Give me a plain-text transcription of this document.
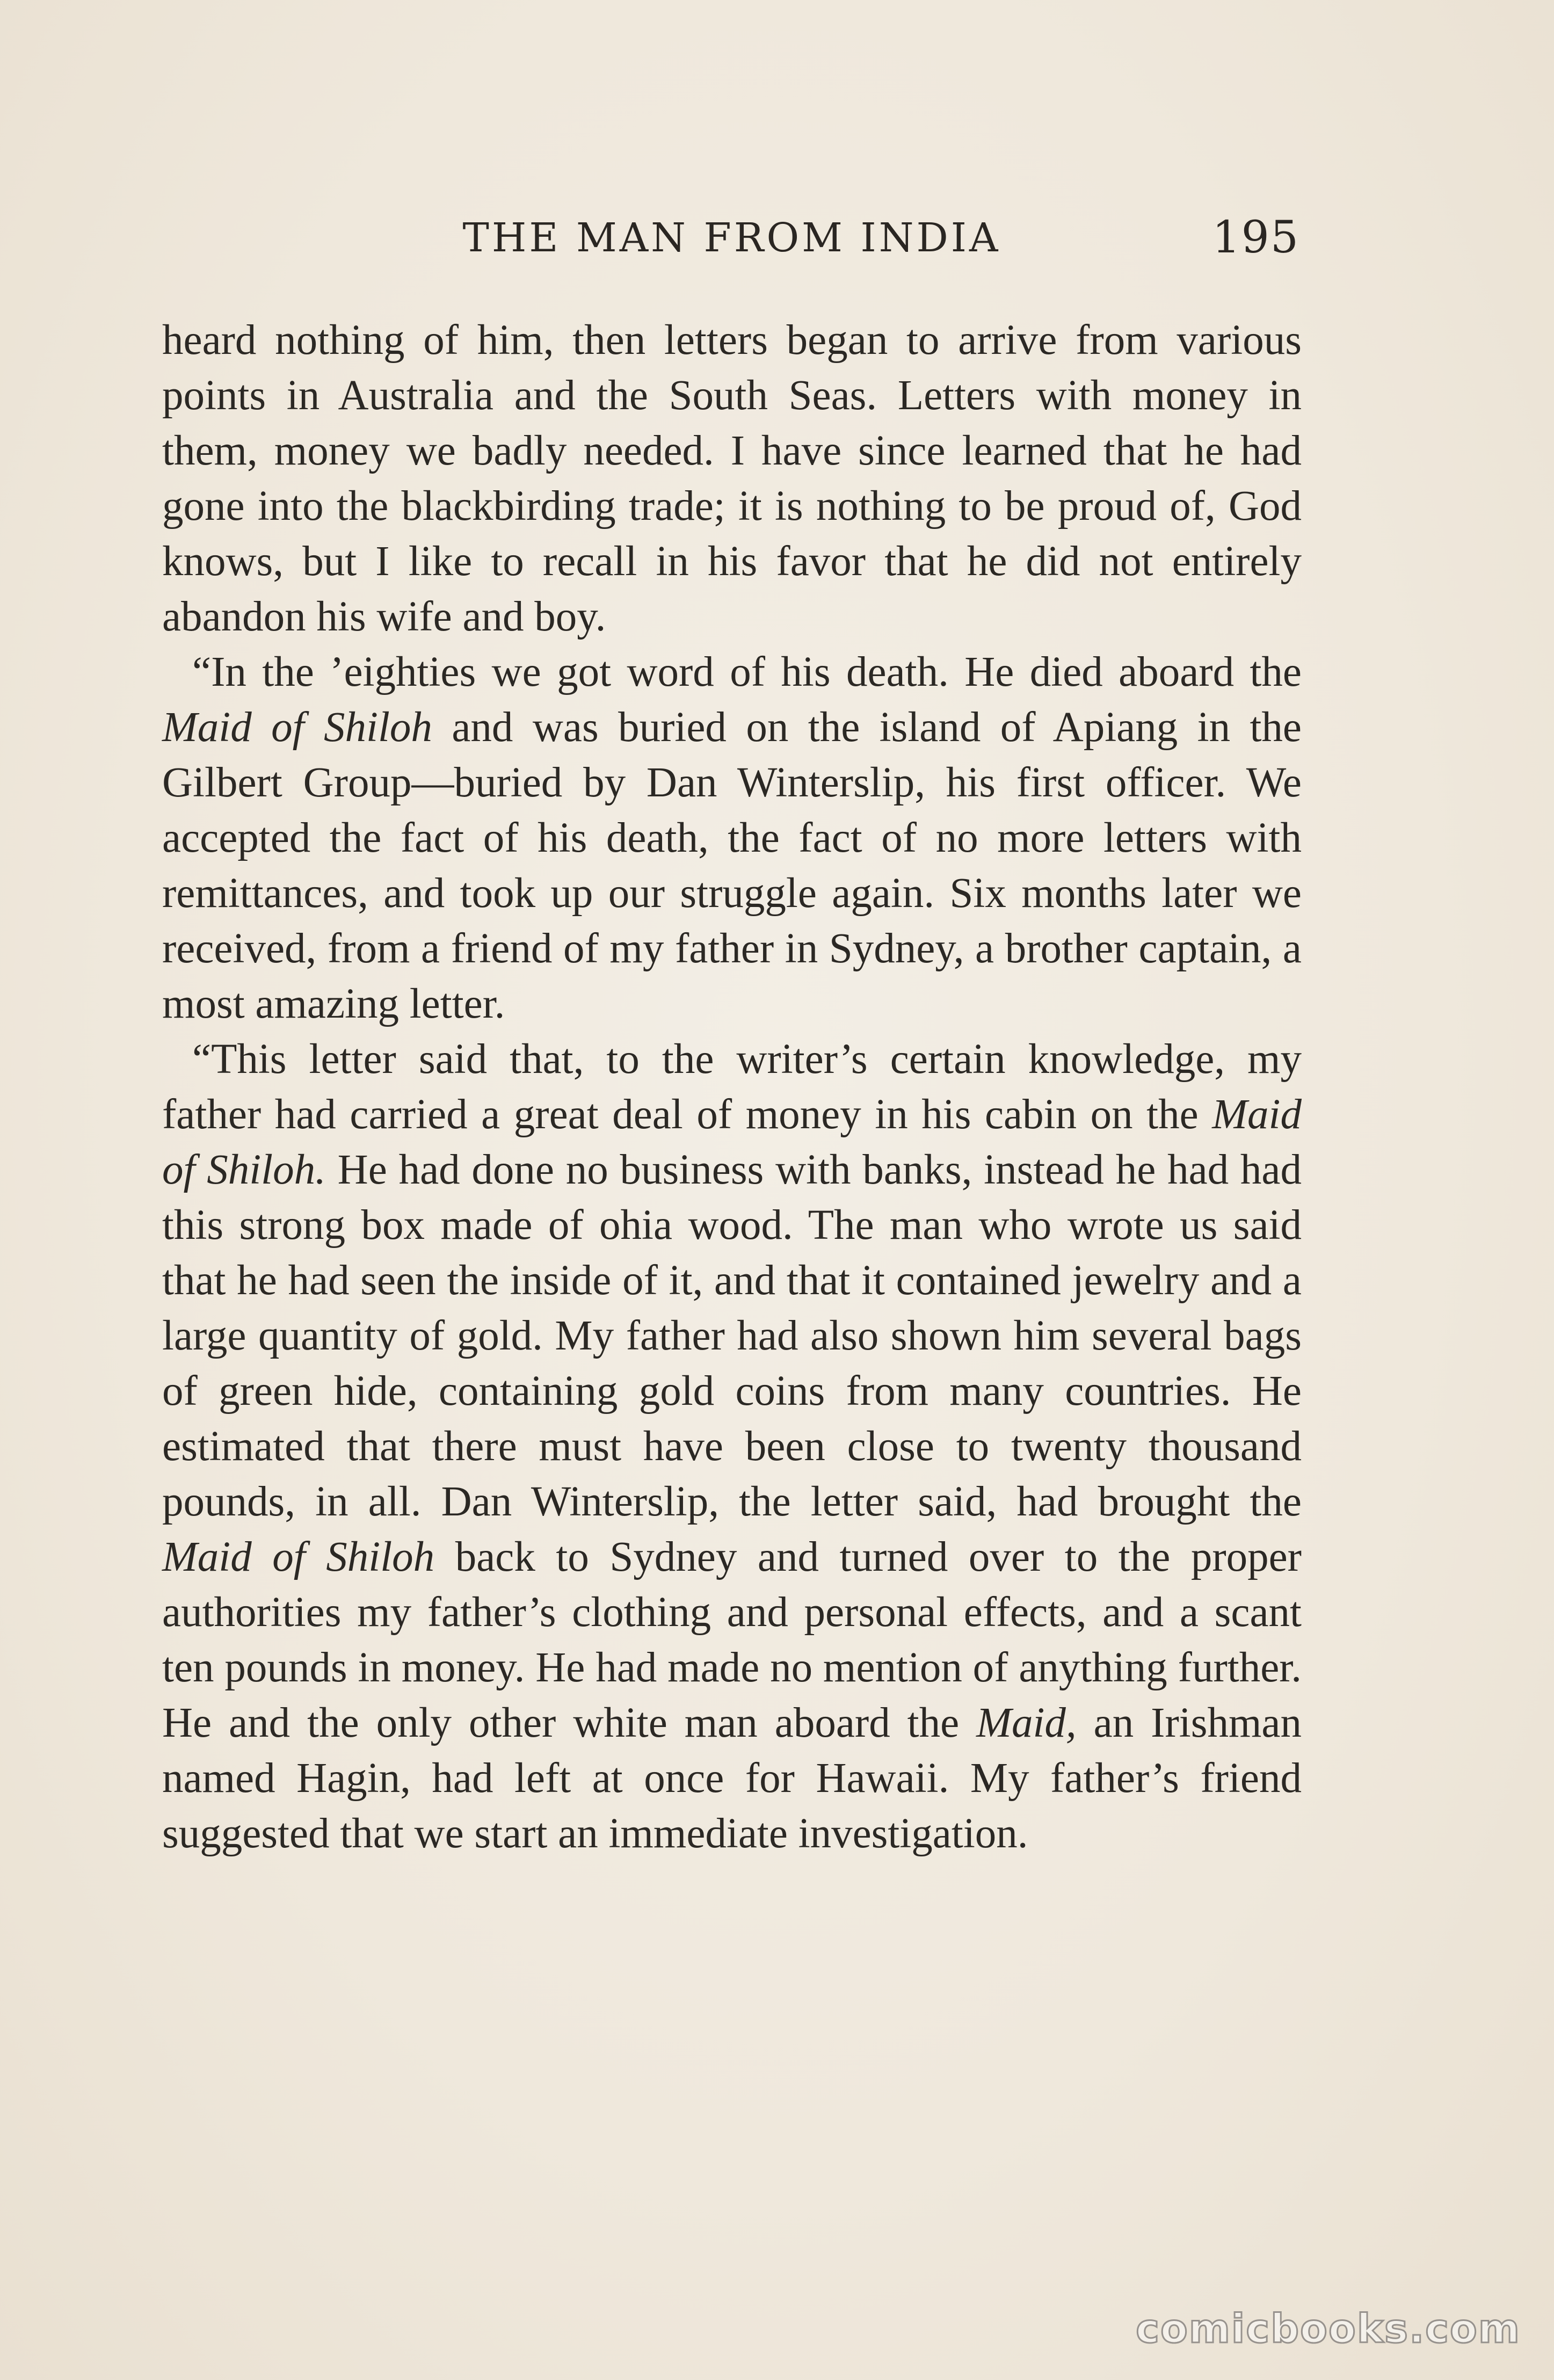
THE MAN FROM INDIA	195

heard nothing of him, then letters began to arrive from various points in Australia and the South Seas. Letters with money in them, money we badly needed. I have since learned that he had gone into the blackbirding trade; it is nothing to be proud of, God knows, but I like to recall in his favor that he did not entirely abandon his wife and boy.

“In the ’eighties we got word of his death. He died aboard the Maid of Shiloh and was buried on the island of Apiang in the Gilbert Group—buried by Dan Winterslip, his first officer. We accepted the fact of his death, the fact of no more letters with remittances, and took up our struggle again. Six months later we received, from a friend of my father in Sydney, a brother captain, a most amazing letter.

“This letter said that, to the writer’s certain knowledge, my father had carried a great deal of money in his cabin on the Maid of Shiloh. He had done no business with banks, instead he had had this strong box made of ohia wood. The man who wrote us said that he had seen the inside of it, and that it contained jewelry and a large quantity of gold. My father had also shown him several bags of green hide, containing gold coins from many countries. He estimated that there must have been close to twenty thousand pounds, in all. Dan Winterslip, the letter said, had brought the Maid of Shiloh back to Sydney and turned over to the proper authorities my father’s clothing and personal effects, and a scant ten pounds in money. He had made no mention of anything further. He and the only other white man aboard the Maid, an Irishman named Hagin, had left at once for Hawaii. My father’s friend suggested that we start an immediate investigation.

comicbooks.com
